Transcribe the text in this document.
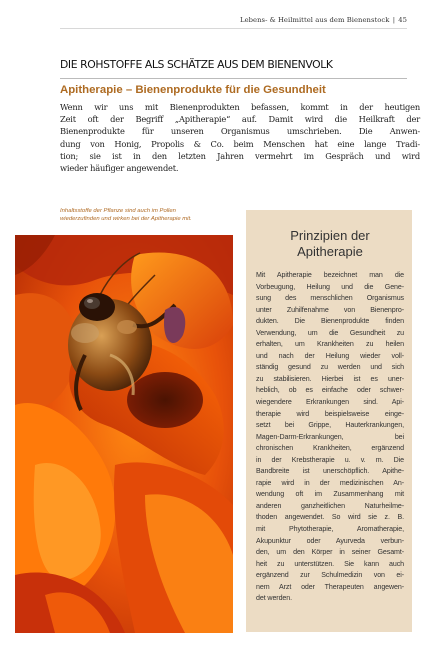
Lebens- & Heilmittel aus dem Bienenstock | 45
DIE ROHSTOFFE ALS SCHÄTZE AUS DEM BIENENVOLK
Apitherapie – Bienenprodukte für die Gesundheit
Wenn wir uns mit Bienenprodukten befassen, kommt in der heutigen
Zeit oft der Begriff „Apitherapie“ auf. Damit wird die Heilkraft der
Bienenprodukte für unseren Organismus umschrieben. Die Anwen-
dung von Honig, Propolis & Co. beim Menschen hat eine lange Tradi-
tion; sie ist in den letzten Jahren vermehrt im Gespräch und wird
wieder häufiger angewendet.
Inhaltsstoffe der Pflanze sind auch im Pollen
wiederzufinden und wirken bei der Apitherapie mit.
Prinzipien der
Apitherapie
Mit Apitherapie bezeichnet man die
Vorbeugung, Heilung und die Gene-
sung des menschlichen Organismus
unter Zuhilfenahme von Bienenpro-
dukten. Die Bienenprodukte finden
Verwendung, um die Gesundheit zu
erhalten, um Krankheiten zu heilen
und nach der Heilung wieder voll-
ständig gesund zu werden und sich
zu stabilisieren. Hierbei ist es uner-
heblich, ob es einfache oder schwer-
wiegendere Erkrankungen sind. Api-
therapie wird beispielsweise einge-
setzt bei Grippe, Hauterkrankungen,
Magen-Darm-Erkrankungen, bei
chronischen Krankheiten, ergänzend
in der Krebstherapie u. v. m. Die
Bandbreite ist unerschöpflich. Apithe-
rapie wird in der medizinischen An-
wendung oft im Zusammenhang mit
anderen ganzheitlichen Naturheilme-
thoden angewendet. So wird sie z. B.
mit Phytotherapie, Aromatherapie,
Akupunktur oder Ayurveda verbun-
den, um den Körper in seiner Gesamt-
heit zu unterstützen. Sie kann auch
ergänzend zur Schulmedizin von ei-
nem Arzt oder Therapeuten angewen-
det werden.
